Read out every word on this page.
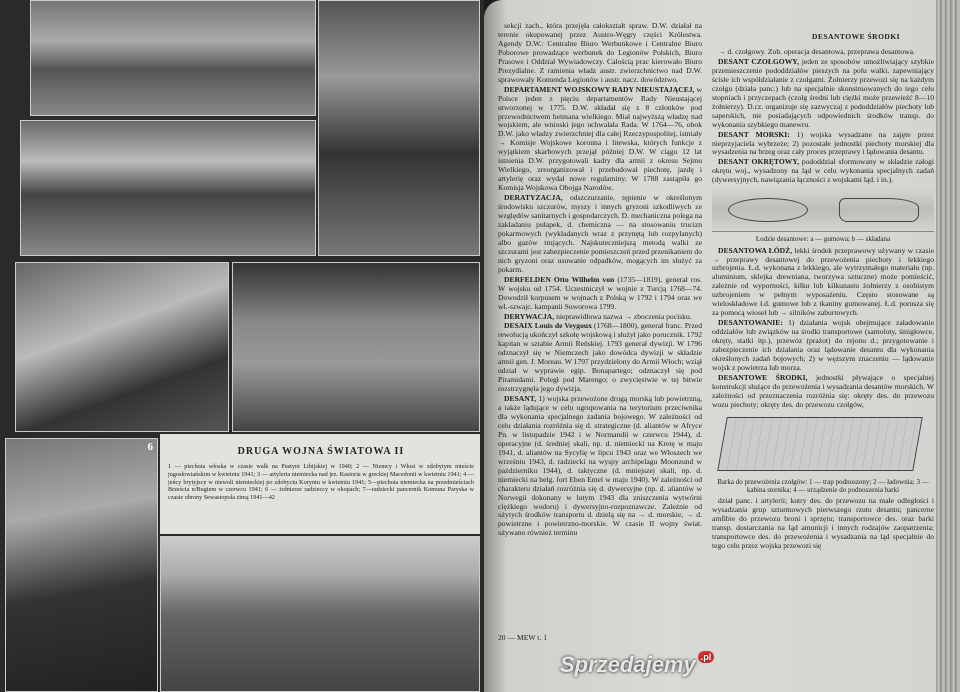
6	DRUGA WOJNA ŚWIATOWA II

1 — piechota włoska w czasie walk na Pustyni Libijskiej w 1940; 2 — Niemcy i Włosi w zdobytym mieście jugosłowiańskim w kwietniu 1941; 3 — artyleria niemiecka nad jez. Kastoria w greckiej Macedonii w kwietniu 1941; 4 — jeńcy brytyjscy w niewoli niemieckiej po zdobyciu Koryntu w kwietniu 1941; 5—piechota niemiecka na przedmieściach Brześcia n/Bugiem w czerwcu 1941; 6 — żołnierze radzieccy w okopach; 7—radziecki pancernik Komuna Paryska w czasie obrony Sewastopola zimą 1941—42

DESANTOWE ŚRODKI

sekcji zach., która przejęła całokształt spraw. D.W. działał na terenie okupowanej przez Austro-Węgry części Królestwa. Agendy D.W.: Centralne Biuro Werbunkowe i Centralne Biuro Poborowe prowadzące werbunek do Legionów Polskich, Biuro Prasowe i Oddział Wywiadowczy. Całością prac kierowało Biuro Prezydialne. Z ramienia władz austr. zwierzchnictwo nad D.W. sprawowały Komenda Legionów i austr. nacz. dowództwo.

DEPARTAMENT WOJSKOWY RADY NIEUSTAJĄCEJ, w Polsce jeden z pięciu departamentów Rady Nieustającej utworzonej w 1775. D.W. składał się z 8 członków pod przewodnictwem hetmana wielkiego. Miał najwyższą władzę nad wojskiem, ale wnioski jego uchwalała Rada. W 1764—76, obok D.W. jako władzy zwierzchniej dla całej Rzeczypospolitej, istniały → Komisje Wojskowe koronna i litewska, których funkcje z wyjątkiem skarbowych przejął później D.W. W ciągu 12 lat istnienia D.W. przygotowali kadry dla armii z okresu Sejmu Wielkiego, zreorganizował i przebudował piechotę, jazdę i artylerię oraz wydał nowe regulaminy. W 1788 zastąpiła go Komisja Wojskowa Obojga Narodów.

DERATYZACJA, odszczurzanie, tępienie w określonym środowisku szczurów, myszy i innych gryzoni szkodliwych ze względów sanitarnych i gospodarczych. D. mechaniczna polega na zakładaniu pułapek, d. chemiczna — na stosowaniu trucizn pokarmowych (wykładanych wraz z przynętą lub rozpylanych) albo gazów trujących. Najskuteczniejszą metodą walki ze szczurami jest zabezpieczenie pomieszczeń przed przenikaniem do nich gryzoni oraz usuwanie odpadków, mogących im służyć za pokarm.

DERFELDEN Otto Wilhelm von (1735—1819), generał ros. W wojsku od 1754. Uczestniczył w wojnie z Turcją 1768—74. Dowodził korpusem w wojnach z Polską w 1792 i 1794 oraz we wł.-szwajc. kampanii Suworowa 1799.

DERYWACJA, nieprawidłowa nazwa → zboczenia pocisku.

DESAIX Louis de Veygoux (1768—1800), generał franc. Przed rewolucją ukończył szkołę wojskową i służył jako porucznik. 1792 kapitan w sztabie Armii Reńskiej. 1793 generał dywizji. W 1796 odznaczył się w Niemczech jako dowódca dywizji w składzie armii gen. J. Moreau. W 1797 przydzielony do Armii Włoch; wziął udział w wyprawie egip. Bonapartego; odznaczył się pod Piramidami. Poległ pod Marengo; o zwycięstwie w tej bitwie rozstrzygnęła jego dywizja.

DESANT, 1) wojska przewożone drogą morską lub powietrzną, a także lądujące w celu ugrupowania na terytorium przeciwnika dla wykonania specjalnego zadania bojowego. W zależności od celu działania rozróżnia się d. strategiczne (d. aliantów w Afryce Pn. w listopadzie 1942 i w Normandii w czerwcu 1944), d. operacyjne (d. średniej skali, np. d. niemiecki na Kretę w maju 1941, d. aliantów na Sycylię w lipcu 1943 oraz we Włoszech we wrześniu 1943, d. radziecki na wyspy archipelagu Moonzund w październiku 1944), d. taktyczne (d. mniejszej skali, np. d. niemiecki na belg. fort Eben Emel w maju 1940). W zależności od charakteru działań rozróżnia się d. dywersyjne (np. d. aliantów w Norwegii dokonany w lutym 1943 dla zniszczenia wytwórni ciężkiego wodoru) i dywersyjno-rozpoznawcze. Zależnie od użytych środków transportu d. dzielą się na → d. morskie, → d. powietrzne i powietrzno-morskie. W czasie II wojny świat. używano również terminu

→ d. czołgowy. Zob. operacja desantowa, przeprawa desantowa.

DESANT CZOŁGOWY, jeden ze sposobów umożliwiający szybkie przemieszczenie pododdziałów pieszych na polu walki, zapewniający ścisłe ich współdziałanie z czołgami. Żołnierzy przewozi się na każdym czołgu (działa panc.) lub na specjalnie skonstruowanych do tego celu stopniach i przyczepach (czołg średni lub ciężki może przewieźć 8—10 żołnierzy). D.cz. organizuje się zazwyczaj z pododdziałów piechoty lub saperskich, nie posiadających odpowiednich środków transp. do wykonania szybkiego manewru.

DESANT MORSKI: 1) wojska wysadzane na zajęte przez nieprzyjaciela wybrzeże; 2) pozostałe jednostki piechoty morskiej dla wysadzenia na brzeg oraz cały proces przeprawy i lądowania desantu.

DESANT OKRĘTOWY, pododdział sformowany w składzie załogi okrętu woj., wysadzony na ląd w celu wykonania specjalnych zadań (dywersyjnych, nawiązania łączności z wojskami ląd. i in.).

Łodzie desantowe: a — gumowa; b — składana

DESANTOWA ŁÓDŹ, lekki środek przeprawowy używany w czasie → przeprawy desantowej do przewożenia piechoty i lekkiego uzbrojenia. Ł.d. wykonana z lekkiego, ale wytrzymałego materiału (np. aluminium, sklejka drewniana, tworzywa sztuczne) może pomieścić, zależnie od wyporności, kilku lub kilkunastu żołnierzy z osobistym uzbrojeniem w pełnym wyposażeniu. Często stosowane są wieloskładowe ł.d. gumowe lub z tkaniny gumowanej. Ł.d. porusza się za pomocą wioseł lub → silników zaburtowych.

DESANTOWANIE: 1) działania wojsk obejmujące załadowanie oddziałów lub związków na środki transportowe (samoloty, śmigłowce, okręty, statki itp.), przewóz (prażot) do rejonu d.; przygotowanie i zabezpieczenie ich działania oraz lądowanie desantu dla wykonania określonych zadań bojowych; 2) w węższym znaczeniu — lądowanie wojsk z powietrza lub morza.

DESANTOWE ŚRODKI, jednostki pływające o specjalnej konstrukcji służące do przewożenia i wysadzania desantów morskich. W zależności od przeznaczenia rozróżnia się: okręty des. do przewozu wozu piechoty; okręty des. do przewozu czołgów,

Barka do przewożenia czołgów: 1 — trap podnoszony; 2 — ładownia; 3 — kabina sternika; 4 — urządzenie do podnoszenia barki

dział panc. i artylerii; kutry des. do przewozu na małe odległości i wysadzania grup szturmowych pierwszego rzutu desantu; pancerne amfibie do przewozu broni i sprzętu; transportowce des. oraz barki transp. dostarczania na ląd amunicji i innych rodzajów zaopatrzenia; transportowce des. do przewożenia i wysadzania na ląd specjalnie do tego celu przez wojska przewozi się

20 — MEW t. 1
Sprzedajemy $^{.pl}$
